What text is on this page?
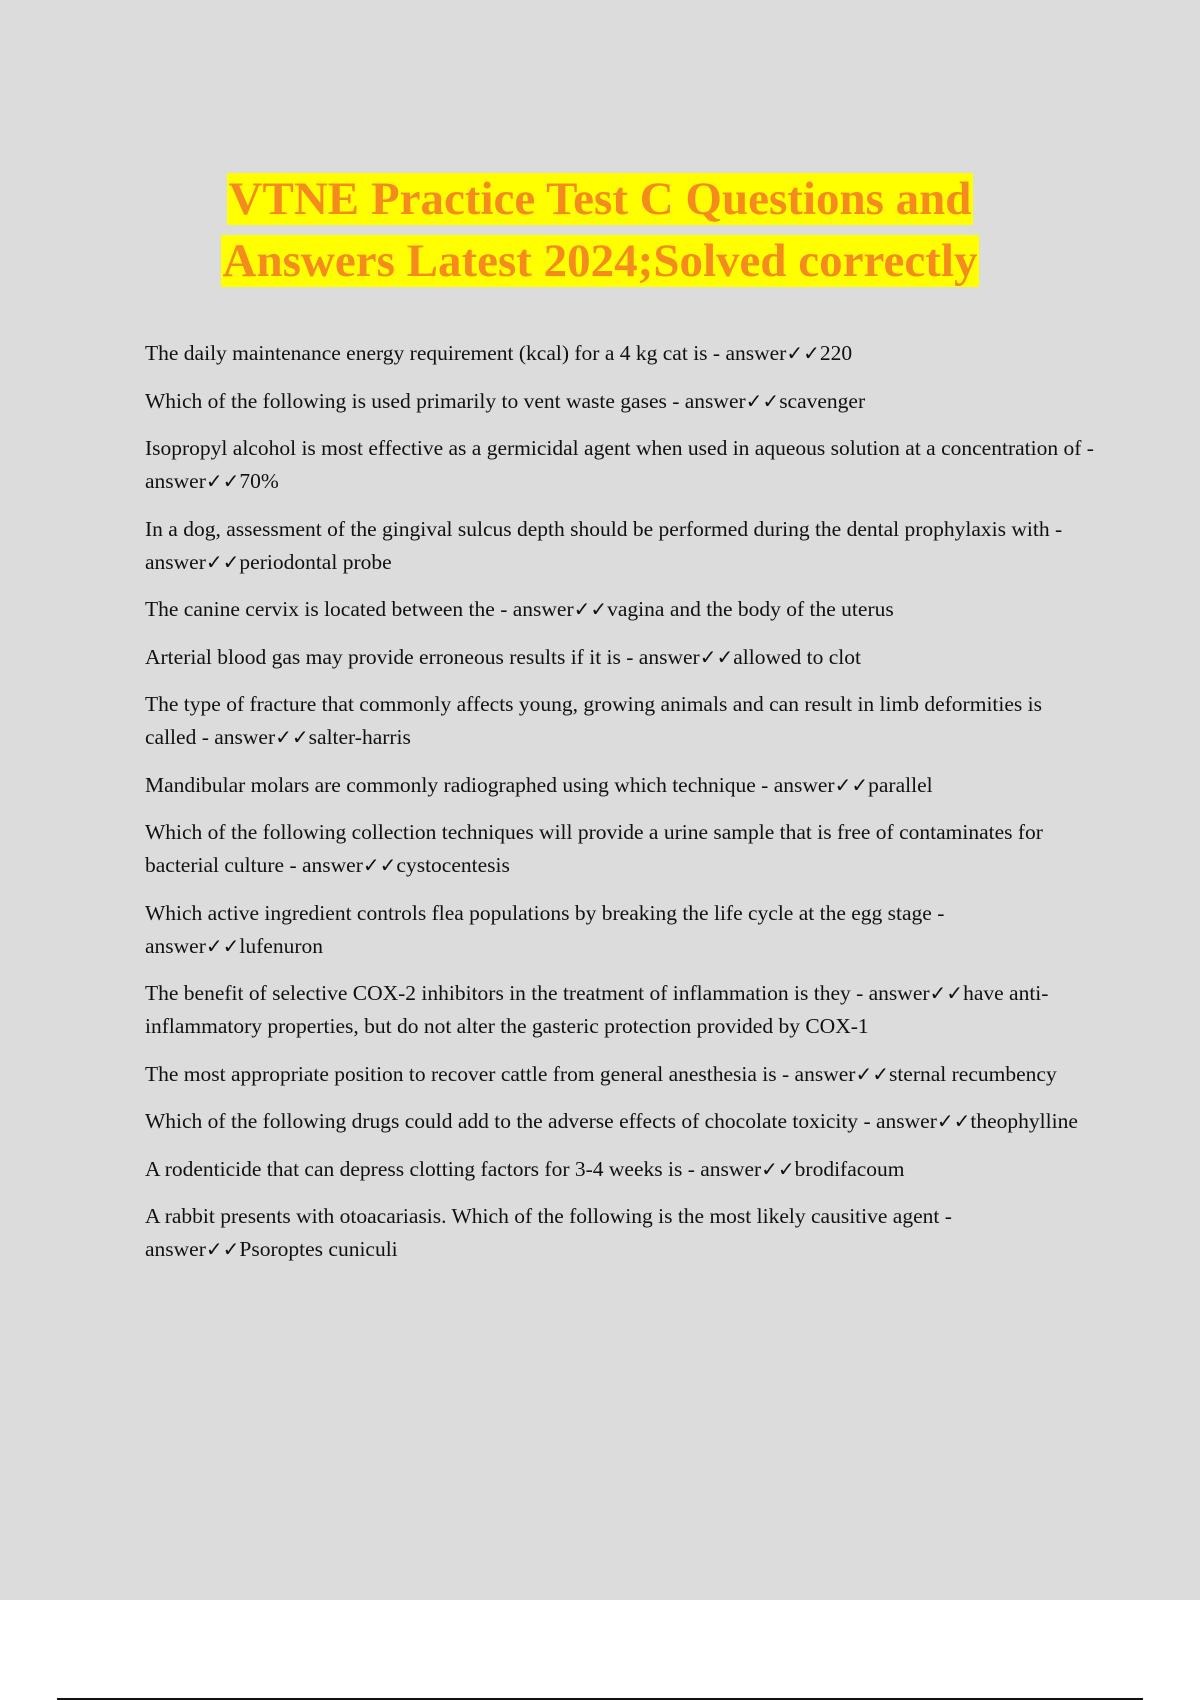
VTNE Practice Test C Questions and
Answers Latest 2024;Solved correctly
The daily maintenance energy requirement (kcal) for a 4 kg cat is - answer✓✓220
Which of the following is used primarily to vent waste gases - answer✓✓scavenger
Isopropyl alcohol is most effective as a germicidal agent when used in aqueous solution at a concentration of - answer✓✓70%
In a dog, assessment of the gingival sulcus depth should be performed during the dental prophylaxis with - answer✓✓periodontal probe
The canine cervix is located between the - answer✓✓vagina and the body of the uterus
Arterial blood gas may provide erroneous results if it is - answer✓✓allowed to clot
The type of fracture that commonly affects young, growing animals and can result in limb deformities is called - answer✓✓salter-harris
Mandibular molars are commonly radiographed using which technique - answer✓✓parallel
Which of the following collection techniques will provide a urine sample that is free of contaminates for bacterial culture - answer✓✓cystocentesis
Which active ingredient controls flea populations by breaking the life cycle at the egg stage - answer✓✓lufenuron
The benefit of selective COX-2 inhibitors in the treatment of inflammation is they - answer✓✓have anti-inflammatory properties, but do not alter the gasteric protection provided by COX-1
The most appropriate position to recover cattle from general anesthesia is - answer✓✓sternal recumbency
Which of the following drugs could add to the adverse effects of chocolate toxicity - answer✓✓theophylline
A rodenticide that can depress clotting factors for 3-4 weeks is - answer✓✓brodifacoum
A rabbit presents with otoacariasis. Which of the following is the most likely causitive agent - answer✓✓Psoroptes cuniculi
